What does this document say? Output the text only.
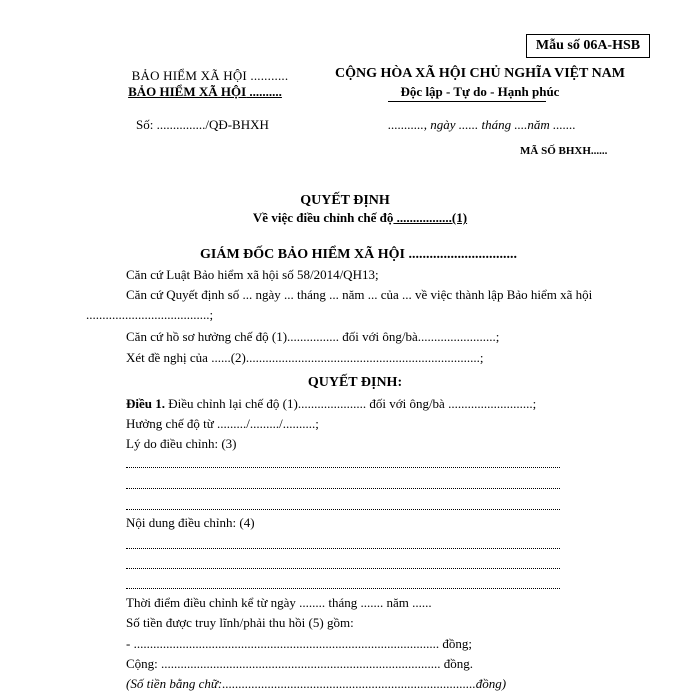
Mẫu số 06A-HSB
BẢO HIỂM XÃ HỘI ...........
BẢO HIỂM XÃ HỘI ..........
Số: .............../QĐ-BHXH
CỘNG HÒA XÃ HỘI CHỦ NGHĨA VIỆT NAM
Độc lập - Tự do - Hạnh phúc
..........., ngày ...... tháng ....năm .......
MÃ SỐ BHXH......
QUYẾT ĐỊNH
Về việc điều chỉnh chế độ .................(1)
GIÁM ĐỐC BẢO HIỂM XÃ HỘI ...............................
Căn cứ Luật Bảo hiểm xã hội số 58/2014/QH13;
Căn cứ Quyết định số ... ngày ... tháng ... năm ... của ... về việc thành lập Bảo hiểm xã hội
......................................;
Căn cứ hồ sơ hưởng chế độ (1)................ đối với ông/bà........................;
Xét đề nghị của ......(2)........................................................................;
QUYẾT ĐỊNH:
Điều 1. Điều chỉnh lại chế độ (1)..................... đối với ông/bà ..........................;
Hưởng chế độ từ ........./........./..........;
Lý do điều chỉnh: (3)
Nội dung điều chỉnh: (4)
Thời điểm điều chỉnh kể từ ngày ........ tháng ....... năm ......
Số tiền được truy lĩnh/phải thu hồi (5) gồm:
- .............................................................................................. đồng;
Cộng: ...................................................................................... đồng.
(Số tiền bằng chữ:..............................................................................đồng)
